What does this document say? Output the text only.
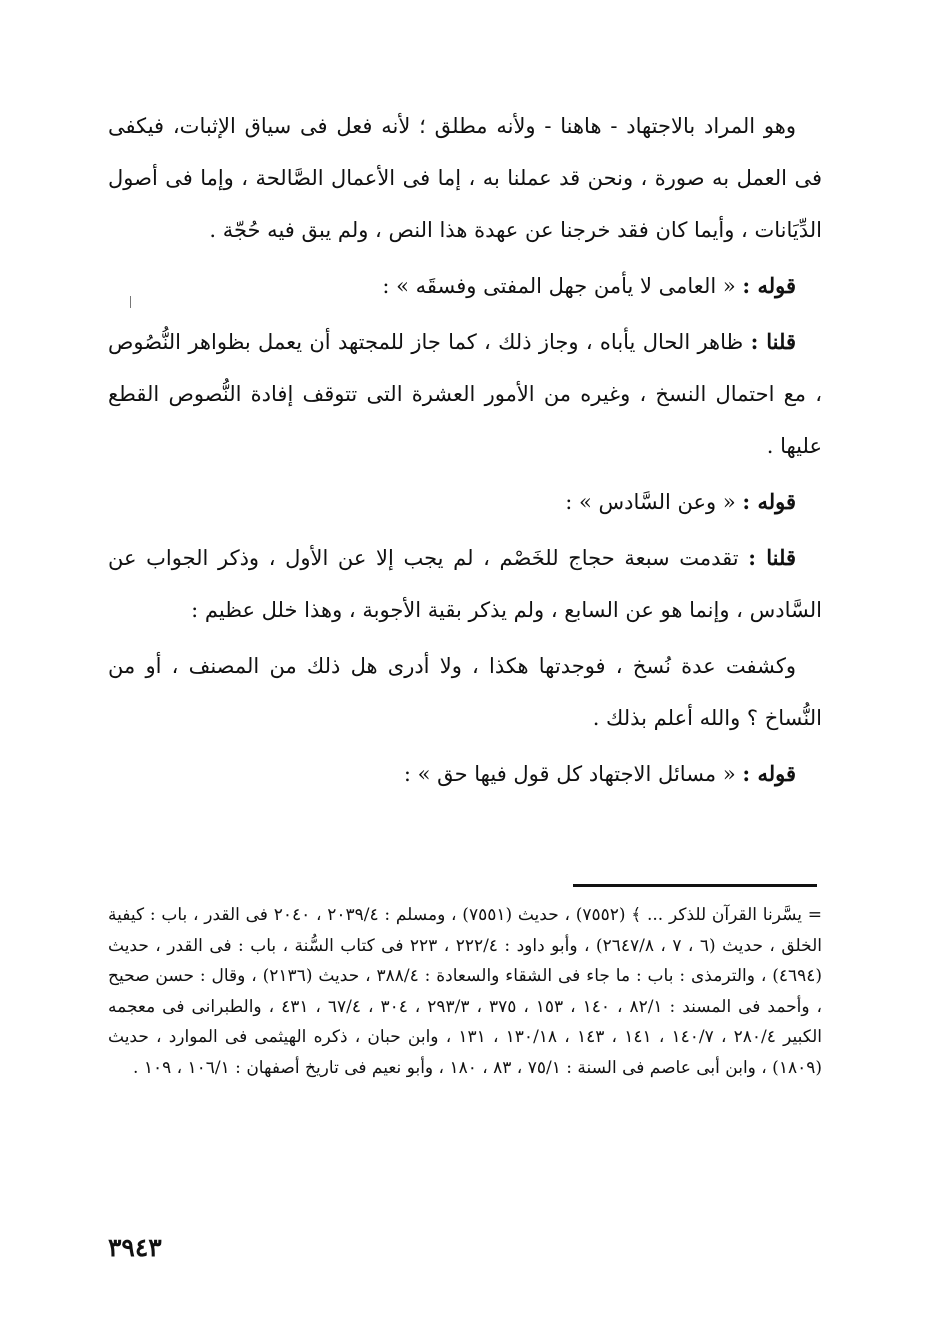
وهو المراد بالاجتهاد - هاهنا - ولأنه مطلق ؛ لأنه فعل فى سياق الإثبات، فيكفى فى العمل به صورة ، ونحن قد عملنا به ، إما فى الأعمال الصَّالحة ، وإما فى أصول الدِّيَانات ، وأيما كان فقد خرجنا عن عهدة هذا النص ، ولم يبق فيه حُجّة .

قوله : « العامى لا يأمن جهل المفتى وفسقَه » :

قلنا : ظاهر الحال يأباه ، وجاز ذلك ، كما جاز للمجتهد أن يعمل بظواهر النُّصُوص ، مع احتمال النسخ ، وغيره من الأمور العشرة التى تتوقف إفادة النُّصوص القطع عليها .

قوله : « وعن السَّادس » :

قلنا : تقدمت سبعة حجاج للخَصْم ، لم يجب إلا عن الأول ، وذكر الجواب عن السَّادس ، وإنما هو عن السابع ، ولم يذكر بقية الأجوبة ، وهذا خلل عظيم :

وكشفت عدة نُسخ ، فوجدتها هكذا ، ولا أدرى هل ذلك من المصنف ، أو من النُّساخ ؟ والله أعلم بذلك .

قوله : « مسائل الاجتهاد كل قول فيها حق » :

= يسَّرنا القرآن للذكر ... ﴾ (٧٥٥٢) ، حديث (٧٥٥١) ، ومسلم : ٢٠٣٩/٤ ، ٢٠٤٠ فى القدر ، باب : كيفية الخلق ، حديث (٦ ، ٧ ، ٢٦٤٧/٨) ، وأبو داود : ٢٢٢/٤ ، ٢٢٣ فى كتاب السُّنة ، باب : فى القدر ، حديث (٤٦٩٤) ، والترمذى : باب : ما جاء فى الشقاء والسعادة : ٣٨٨/٤ ، حديث (٢١٣٦) ، وقال : حسن صحيح ، وأحمد فى المسند : ٨٢/١ ، ١٤٠ ، ١٥٣ ، ٣٧٥ ، ٢٩٣/٣ ، ٣٠٤ ، ٦٧/٤ ، ٤٣١ ، والطبرانى فى معجمه الكبير ٢٨٠/٤ ، ١٤٠/٧ ، ١٤١ ، ١٤٣ ، ١٣٠/١٨ ، ١٣١ ، وابن حبان ، ذكره الهيثمى فى الموارد ، حديث (١٨٠٩) ، وابن أبى عاصم فى السنة : ٧٥/١ ، ٨٣ ، ١٨٠ ، وأبو نعيم فى تاريخ أصفهان : ١٠٦/١ ، ١٠٩ .

٣٩٤٣
